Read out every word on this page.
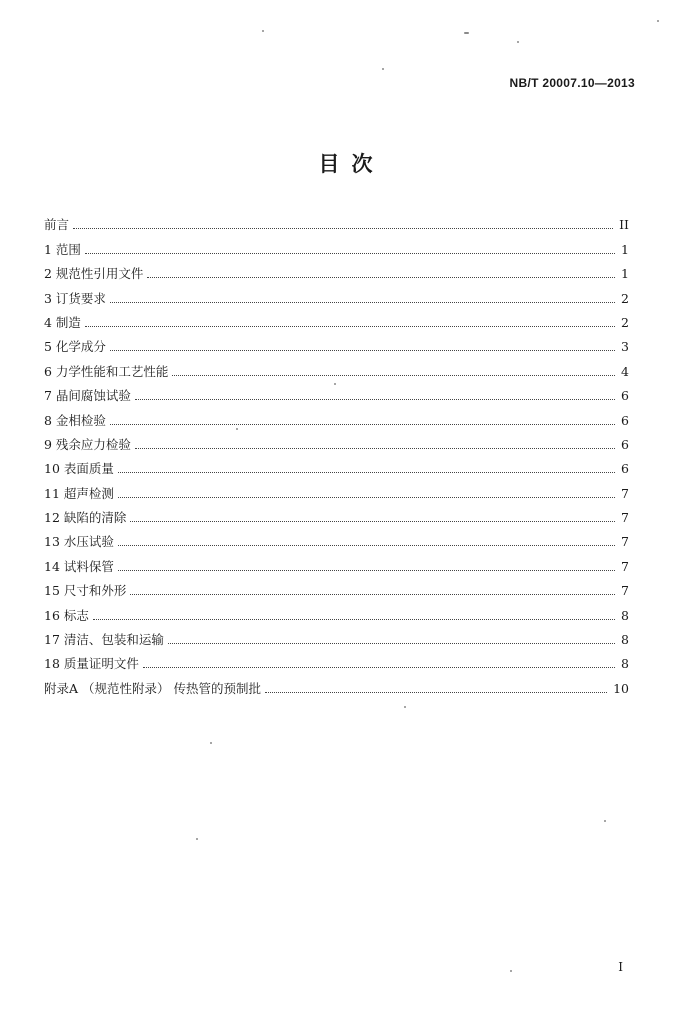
NB/T 20007.10—2013
目次
前言	II
1 范围	1
2 规范性引用文件	1
3 订货要求	2
4 制造	2
5 化学成分	3
6 力学性能和工艺性能	4
7 晶间腐蚀试验	6
8 金相检验	6
9 残余应力检验	6
10 表面质量	6
11 超声检测	7
12 缺陷的清除	7
13 水压试验	7
14 试料保管	7
15 尺寸和外形	7
16 标志	8
17 清洁、包装和运输	8
18 质量证明文件	8
附录A （规范性附录） 传热管的预制批	10
I
